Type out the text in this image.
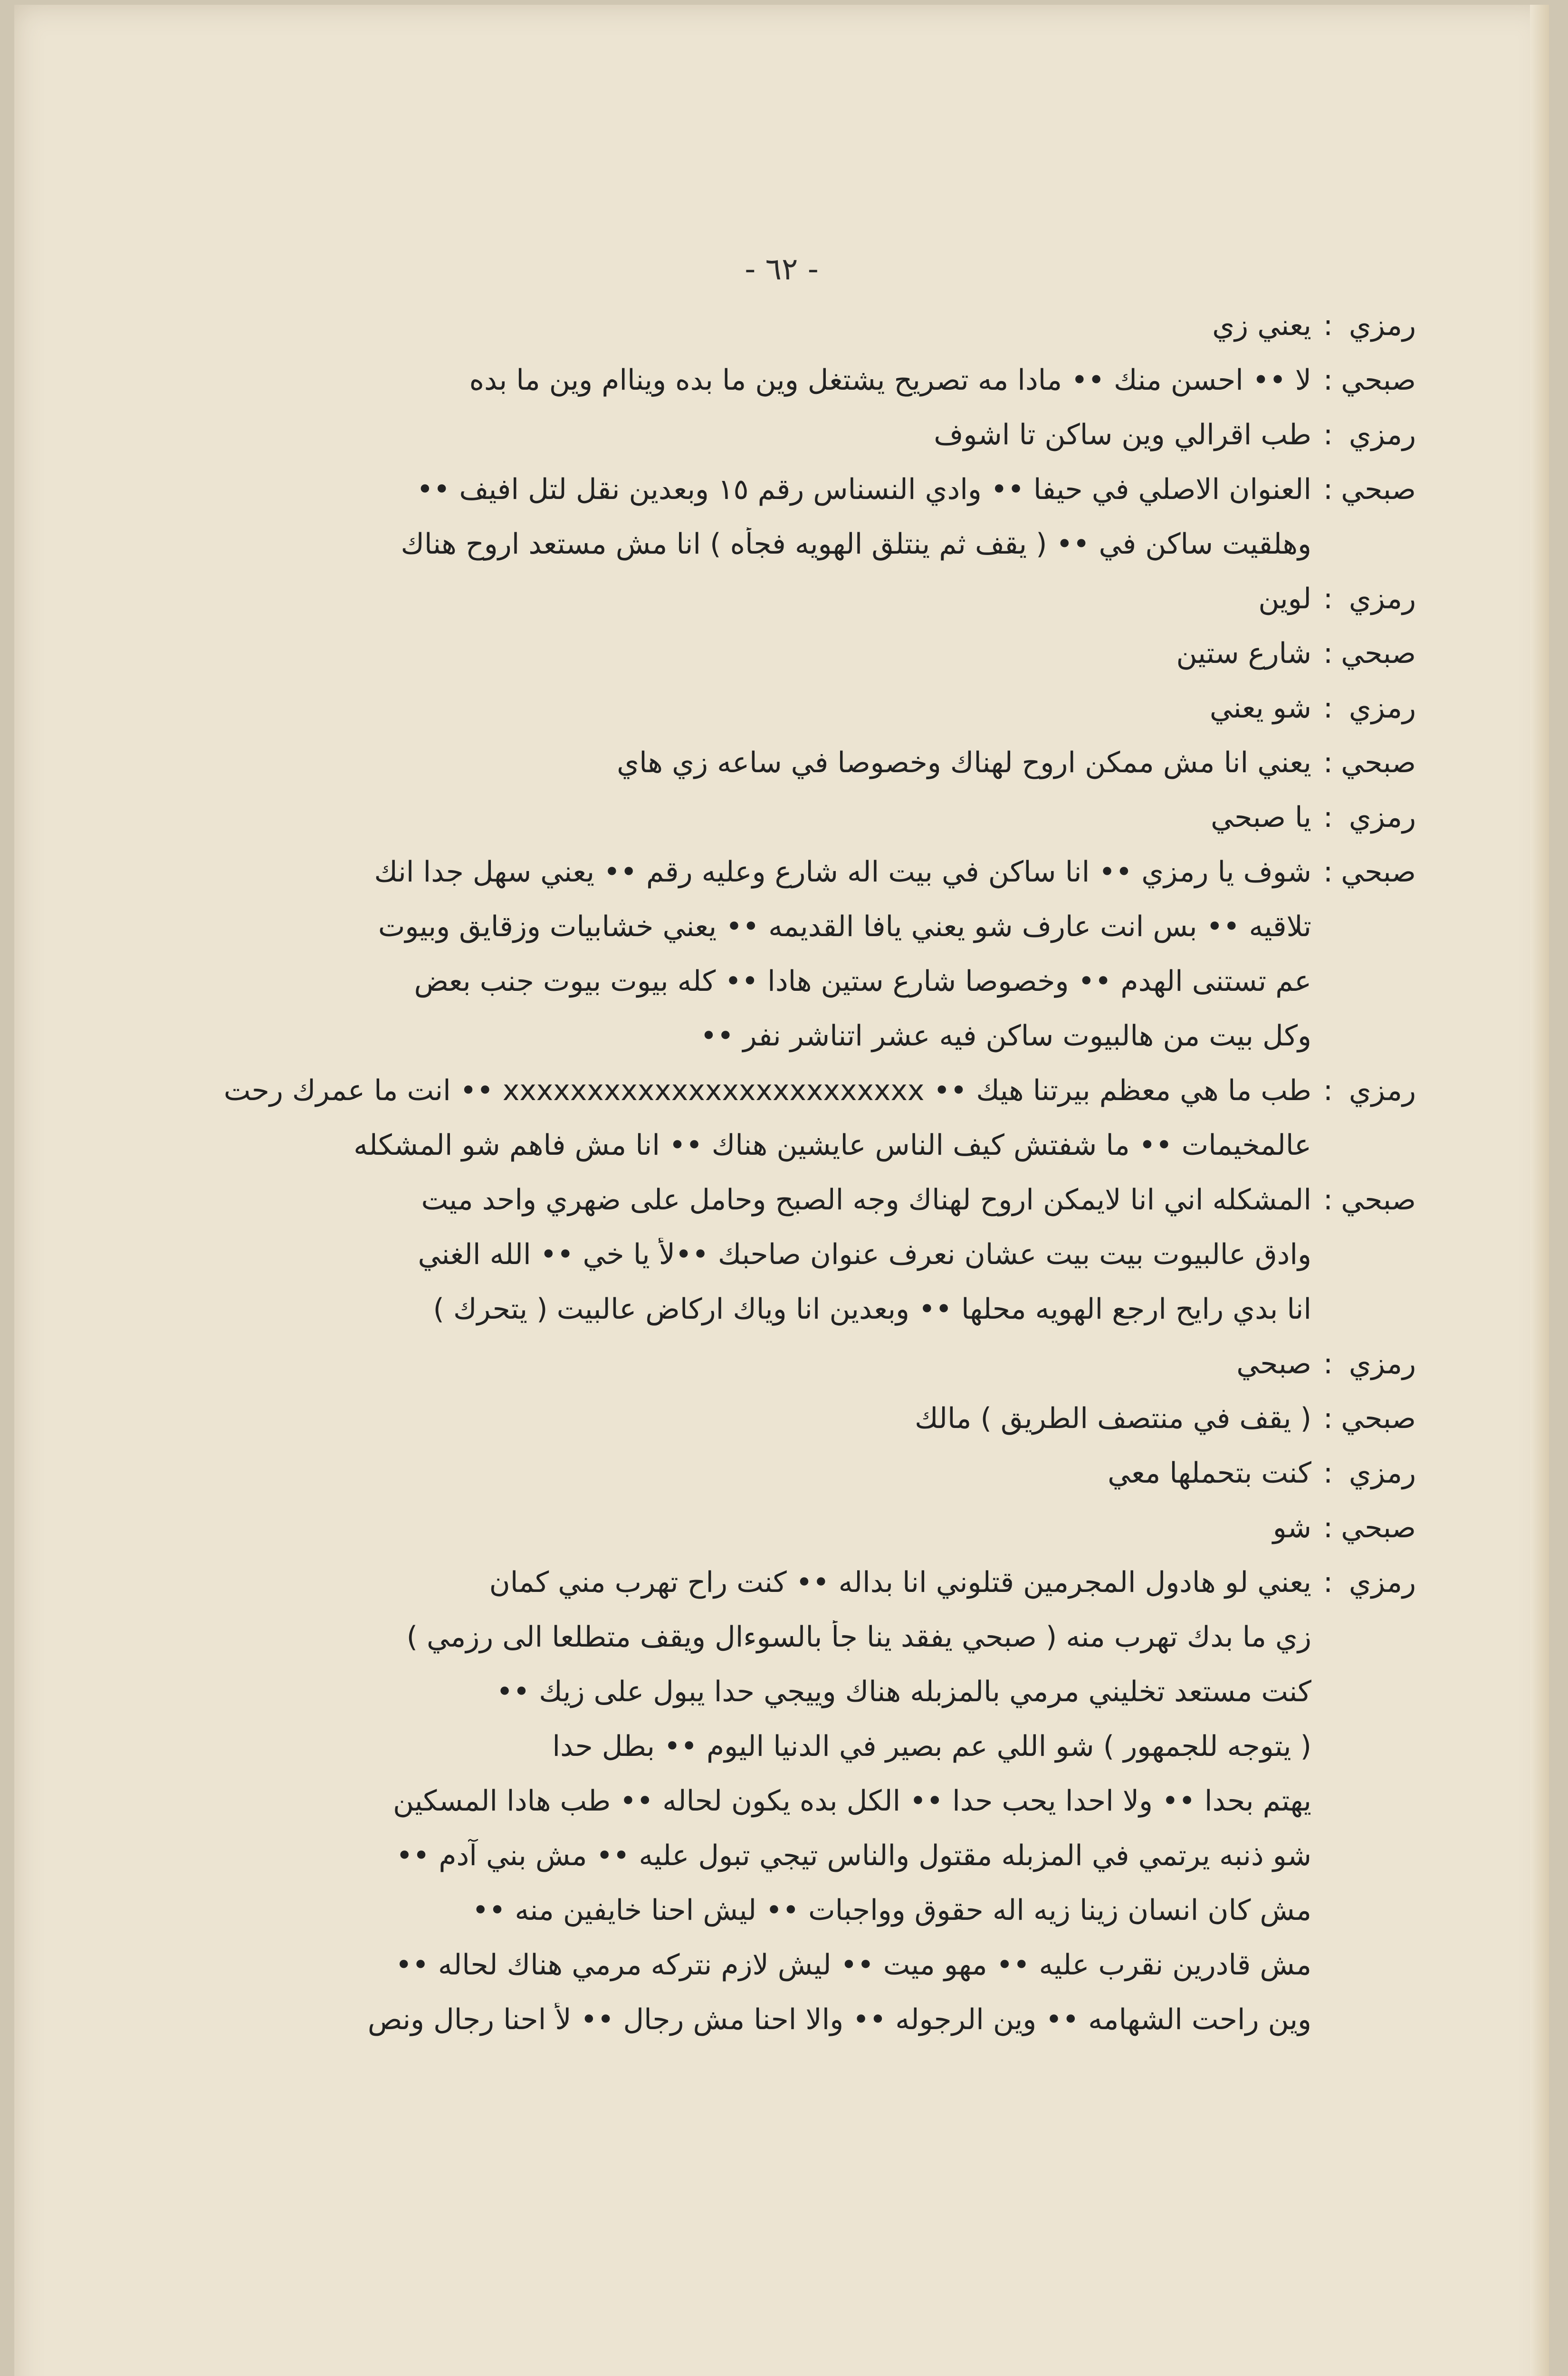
- ٦٢ -
رمزي
:
يعني زي
صبحي
:
لا •• احسن منك •• مادا مه تصريح يشتغل وين ما بده ويناام وين ما بده
رمزي
:
طب اقرالي وين ساكن تا اشوف
صبحي
:
العنوان الاصلي في حيفا •• وادي النسناس رقم ١٥ وبعدين نقل لتل افيف ••
وهلقيت ساكن في •• ( يقف ثم ينتلق الهويه فجأه ) انا مش مستعد اروح هناك
رمزي
:
لوين
صبحي
:
شارع ستين
رمزي
:
شو يعني
صبحي
:
يعني انا مش ممكن اروح لهناك وخصوصا في ساعه زي هاي
رمزي
:
يا صبحي
صبحي
:
شوف يا رمزي •• انا ساكن في بيت اله شارع وعليه رقم •• يعني سهل جدا انك
تلاقيه •• بس انت عارف شو يعني يافا القديمه •• يعني خشابيات وزقايق وبيوت
عم تستنى الهدم •• وخصوصا شارع ستين هادا •• كله بيوت بيوت جنب بعض
وكل بيت من هالبيوت ساكن فيه عشر اتناشر نفر ••
رمزي
:
طب ما هي معظم بيرتنا هيك •• xxxxxxxxxxxxxxxxxxxxxxxxx •• انت ما عمرك رحت
عالمخيمات •• ما شفتش كيف الناس عايشين هناك •• انا مش فاهم شو المشكله
صبحي
:
المشكله اني انا لايمكن اروح لهناك وجه الصبح وحامل على ضهري واحد ميت
وادق عالبيوت بيت بيت عشان نعرف عنوان صاحبك ••لأ يا خي •• الله الغني
انا بدي رايح ارجع الهويه محلها •• وبعدين انا وياك اركاض عالبيت ( يتحرك )
رمزي
:
صبحي
صبحي
:
( يقف في منتصف الطريق ) مالك
رمزي
:
كنت بتحملها معي
صبحي
:
شو
رمزي
:
يعني لو هادول المجرمين قتلوني انا بداله •• كنت راح تهرب مني كمان
زي ما بدك تهرب منه ( صبحي يفقد ينا جأ بالسوءال ويقف متطلعا الى رزمي )
كنت مستعد تخليني مرمي بالمزبله هناك وييجي حدا يبول على زيك ••
( يتوجه للجمهور ) شو اللي عم بصير في الدنيا اليوم •• بطل حدا
يهتم بحدا •• ولا احدا يحب حدا •• الكل بده يكون لحاله •• طب هادا المسكين
شو ذنبه يرتمي في المزبله مقتول والناس تيجي تبول عليه •• مش بني آدم ••
مش كان انسان زينا زيه اله حقوق وواجبات •• ليش احنا خايفين منه ••
مش قادرين نقرب عليه •• مهو ميت •• ليش لازم نتركه مرمي هناك لحاله ••
وين راحت الشهامه •• وين الرجوله •• والا احنا مش رجال •• لأ احنا رجال ونص
